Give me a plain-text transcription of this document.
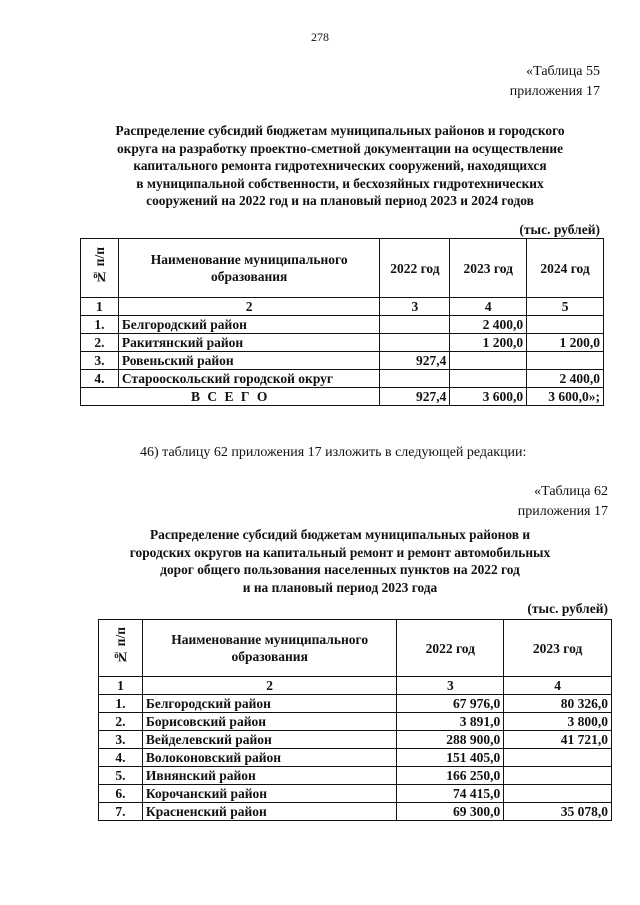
278
«Таблица 55
приложения 17
Распределение субсидий бюджетам муниципальных районов и городского
округа на разработку проектно-сметной документации на осуществление
капитального ремонта гидротехнических сооружений, находящихся
в муниципальной собственности, и бесхозяйных гидротехнических
сооружений на 2022 год и на плановый период 2023 и 2024 годов
(тыс. рублей)
№ п/п	Наименование муниципального образования	2022 год	2023 год	2024 год
1	2	3	4	5
1.	Белгородский район		2 400,0	
2.	Ракитянский район		1 200,0	1 200,0
3.	Ровеньский район	927,4		
4.	Старооскольский городской округ			2 400,0
В С Е Г О		927,4	3 600,0	3 600,0»;
46) таблицу 62 приложения 17 изложить в следующей редакции:
«Таблица 62
приложения 17
Распределение субсидий бюджетам муниципальных районов и
городских округов на капитальный ремонт и ремонт автомобильных
дорог общего пользования населенных пунктов на 2022 год
и на плановый период 2023 года
(тыс. рублей)
№ п/п	Наименование муниципального образования	2022 год	2023 год
1	2	3	4
1.	Белгородский район	67 976,0	80 326,0
2.	Борисовский район	3 891,0	3 800,0
3.	Вейделевский район	288 900,0	41 721,0
4.	Волоконовский район	151 405,0	
5.	Ивнянский район	166 250,0	
6.	Корочанский район	74 415,0	
7.	Красненский район	69 300,0	35 078,0
